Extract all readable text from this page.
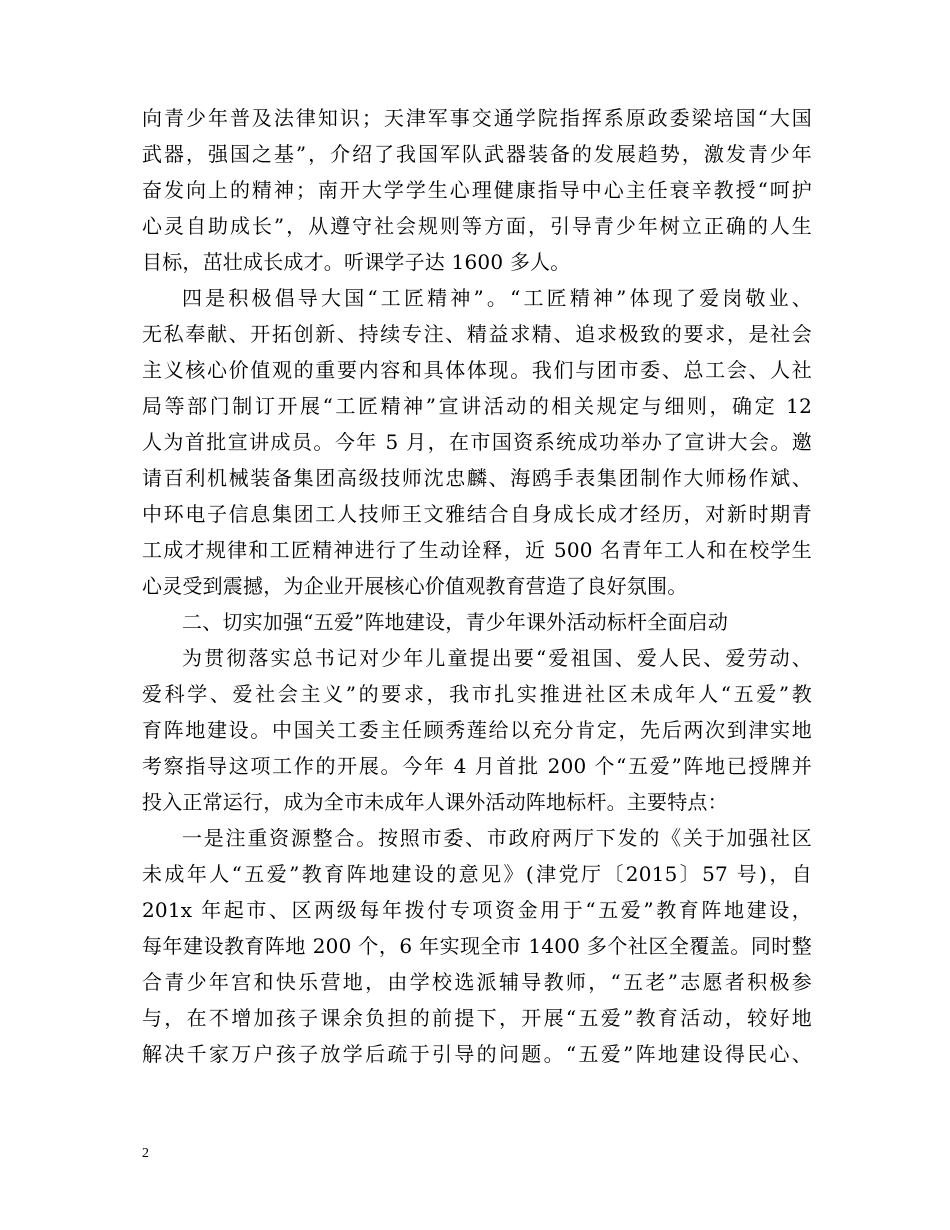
向青少年普及法律知识；天津军事交通学院指挥系原政委梁培国“大国
武器，强国之基”，介绍了我国军队武器装备的发展趋势，激发青少年
奋发向上的精神；南开大学学生心理健康指导中心主任衰辛教授“呵护
心灵自助成长”，从遵守社会规则等方面，引导青少年树立正确的人生
目标，茁壮成长成才。听课学子达 1600 多人。
四是积极倡导大国“工匠精神”。“工匠精神”体现了爱岗敬业、
无私奉献、开拓创新、持续专注、精益求精、追求极致的要求，是社会
主义核心价值观的重要内容和具体体现。我们与团市委、总工会、人社
局等部门制订开展“工匠精神”宣讲活动的相关规定与细则，确定 12
人为首批宣讲成员。今年 5 月，在市国资系统成功举办了宣讲大会。邀
请百利机械装备集团高级技师沈忠麟、海鸥手表集团制作大师杨作斌、
中环电子信息集团工人技师王文雅结合自身成长成才经历，对新时期青
工成才规律和工匠精神进行了生动诠释，近 500 名青年工人和在校学生
心灵受到震撼，为企业开展核心价值观教育营造了良好氛围。
二、切实加强“五爱”阵地建设，青少年课外活动标杆全面启动
为贯彻落实总书记对少年儿童提出要“爱祖国、爱人民、爱劳动、
爱科学、爱社会主义”的要求，我市扎实推进社区未成年人“五爱”教
育阵地建设。中国关工委主任顾秀莲给以充分肯定，先后两次到津实地
考察指导这项工作的开展。今年 4 月首批 200 个“五爱”阵地已授牌并
投入正常运行，成为全市未成年人课外活动阵地标杆。主要特点：
一是注重资源整合。按照市委、市政府两厅下发的《关于加强社区
未成年人“五爱”教育阵地建设的意见》(津党厅〔2015〕57 号)，自
201x 年起市、区两级每年拨付专项资金用于“五爱”教育阵地建设，
每年建设教育阵地 200 个，6 年实现全市 1400 多个社区全覆盖。同时整
合青少年宫和快乐营地，由学校选派辅导教师，“五老”志愿者积极参
与，在不增加孩子课余负担的前提下，开展“五爱”教育活动，较好地
解决千家万户孩子放学后疏于引导的问题。“五爱”阵地建设得民心、
2
